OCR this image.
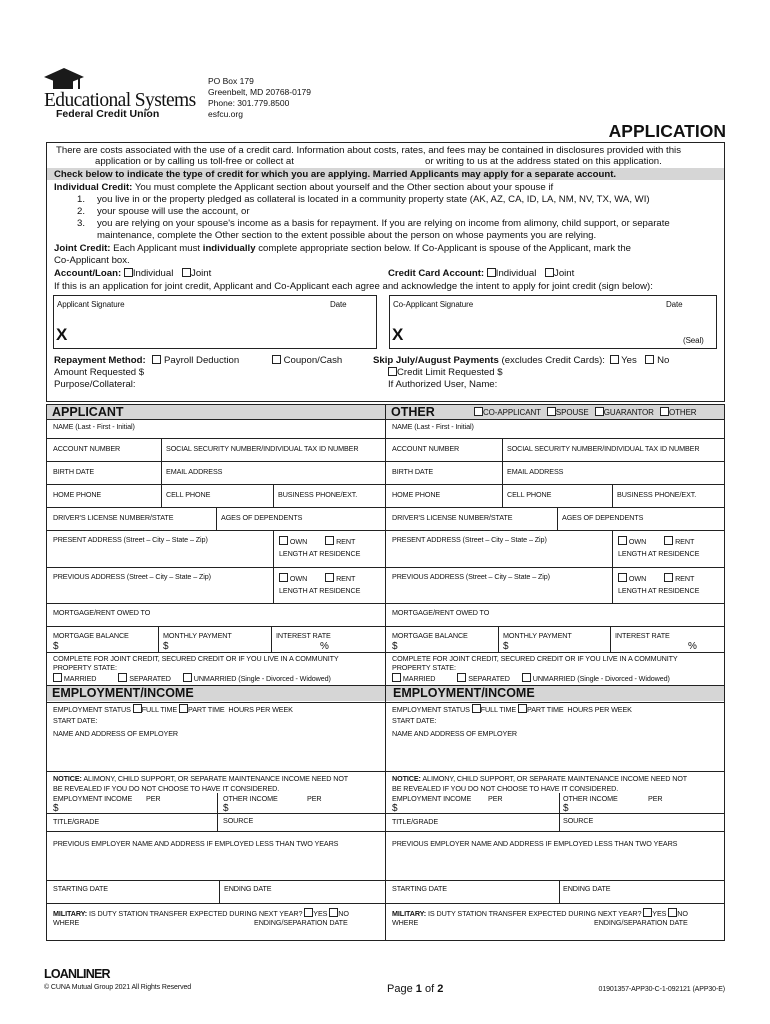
Educational Systems
Federal Credit Union
PO Box 179
Greenbelt, MD 20768-0179
Phone: 301.779.8500
esfcu.org
APPLICATION
There are costs associated with the use of a credit card. Information about costs, rates, and fees may be contained in disclosures provided with this
application or by calling us toll-free or collect at	or writing to us at the address stated on this application.
Check below to indicate the type of credit for which you are applying. Married Applicants may apply for a separate account.
Individual Credit: You must complete the Applicant section about yourself and the Other section about your spouse if
1. you live in or the property pledged as collateral is located in a community property state (AK, AZ, CA, ID, LA, NM, NV, TX, WA, WI)
2. your spouse will use the account, or
3. you are relying on your spouse's income as a basis for repayment. If you are relying on income from alimony, child support, or separate
maintenance, complete the Other section to the extent possible about the person on whose payments you are relying.
Joint Credit: Each Applicant must individually complete appropriate section below. If Co-Applicant is spouse of the Applicant, mark the
Co-Applicant box.
Account/Loan: Individual Joint	Credit Card Account: Individual Joint
If this is an application for joint credit, Applicant and Co-Applicant each agree and acknowledge the intent to apply for joint credit (sign below):
Applicant Signature	Date
X
Co-Applicant Signature	Date
X	(Seal)
Repayment Method: Payroll Deduction	Coupon/Cash
Amount Requested $
Purpose/Collateral:
Skip July/August Payments (excludes Credit Cards): Yes No
Credit Limit Requested $
If Authorized User, Name:
APPLICANT	OTHER	CO-APPLICANT SPOUSE GUARANTOR OTHER
EMPLOYMENT/INCOME	EMPLOYMENT/INCOME
NAME (Last - First - Initial)
ACCOUNT NUMBER	SOCIAL SECURITY NUMBER/INDIVIDUAL TAX ID NUMBER
BIRTH DATE	EMAIL ADDRESS
HOME PHONE	CELL PHONE	BUSINESS PHONE/EXT.
DRIVER'S LICENSE NUMBER/STATE	AGES OF DEPENDENTS
PRESENT ADDRESS (Street – City – State – Zip)	OWN	RENT
LENGTH AT RESIDENCE
PREVIOUS ADDRESS (Street – City – State – Zip)	OWN	RENT
LENGTH AT RESIDENCE
MORTGAGE/RENT OWED TO
MORTGAGE BALANCE
$
MONTHLY PAYMENT
$
INTEREST RATE
%
COMPLETE FOR JOINT CREDIT, SECURED CREDIT OR IF YOU LIVE IN A COMMUNITY
PROPERTY STATE:
MARRIED	SEPARATED	UNMARRIED (Single - Divorced - Widowed)
EMPLOYMENT STATUS FULL TIME PART TIME HOURS PER WEEK
START DATE:
NAME AND ADDRESS OF EMPLOYER
NOTICE: ALIMONY, CHILD SUPPORT, OR SEPARATE MAINTENANCE INCOME NEED NOT
BE REVEALED IF YOU DO NOT CHOOSE TO HAVE IT CONSIDERED.
EMPLOYMENT INCOME PER
$
OTHER INCOME	PER
$
TITLE/GRADE	SOURCE
PREVIOUS EMPLOYER NAME AND ADDRESS IF EMPLOYED LESS THAN TWO YEARS
STARTING DATE	ENDING DATE
MILITARY: IS DUTY STATION TRANSFER EXPECTED DURING NEXT YEAR? YES NO
WHERE	ENDING/SEPARATION DATE
NAME (Last - First - Initial)
ACCOUNT NUMBER	SOCIAL SECURITY NUMBER/INDIVIDUAL TAX ID NUMBER
BIRTH DATE	EMAIL ADDRESS
HOME PHONE	CELL PHONE	BUSINESS PHONE/EXT.
DRIVER'S LICENSE NUMBER/STATE	AGES OF DEPENDENTS
PRESENT ADDRESS (Street – City – State – Zip)	OWN	RENT
LENGTH AT RESIDENCE
PREVIOUS ADDRESS (Street – City – State – Zip)	OWN	RENT
LENGTH AT RESIDENCE
MORTGAGE/RENT OWED TO
MORTGAGE BALANCE
$
MONTHLY PAYMENT
$
INTEREST RATE
%
COMPLETE FOR JOINT CREDIT, SECURED CREDIT OR IF YOU LIVE IN A COMMUNITY
PROPERTY STATE:
MARRIED	SEPARATED	UNMARRIED (Single - Divorced - Widowed)
EMPLOYMENT STATUS FULL TIME PART TIME HOURS PER WEEK
START DATE:
NAME AND ADDRESS OF EMPLOYER
NOTICE: ALIMONY, CHILD SUPPORT, OR SEPARATE MAINTENANCE INCOME NEED NOT
BE REVEALED IF YOU DO NOT CHOOSE TO HAVE IT CONSIDERED.
EMPLOYMENT INCOME PER
$
OTHER INCOME	PER
$
TITLE/GRADE	SOURCE
PREVIOUS EMPLOYER NAME AND ADDRESS IF EMPLOYED LESS THAN TWO YEARS
STARTING DATE	ENDING DATE
MILITARY: IS DUTY STATION TRANSFER EXPECTED DURING NEXT YEAR? YES NO
WHERE	ENDING/SEPARATION DATE
LOANLINER
© CUNA Mutual Group 2021 All Rights Reserved	Page 1 of 2	01901357-APP30-C-1-092121 (APP30-E)
